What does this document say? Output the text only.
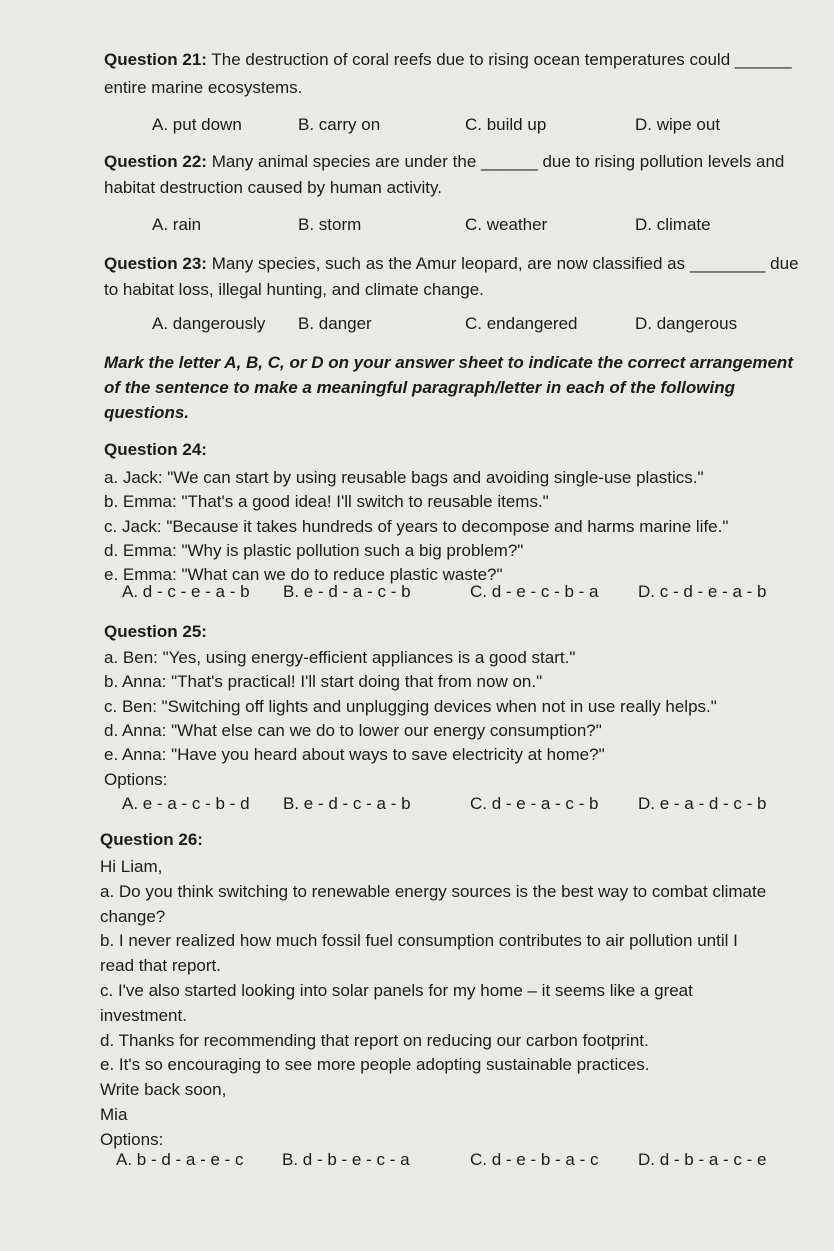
Question 21: The destruction of coral reefs due to rising ocean temperatures could ______
entire marine ecosystems.
A. put down	B. carry on	C. build up	D. wipe out
Question 22: Many animal species are under the ______ due to rising pollution levels and
habitat destruction caused by human activity.
A. rain	B. storm	C. weather	D. climate
Question 23: Many species, such as the Amur leopard, are now classified as ________ due
to habitat loss, illegal hunting, and climate change.
A. dangerously B. danger	C. endangered	D. dangerous
Mark the letter A, B, C, or D on your answer sheet to indicate the correct arrangement
of the sentence to make a meaningful paragraph/letter in each of the following
questions.
Question 24:
a. Jack: "We can start by using reusable bags and avoiding single-use plastics."
b. Emma: "That's a good idea! I'll switch to reusable items."
c. Jack: "Because it takes hundreds of years to decompose and harms marine life."
d. Emma: "Why is plastic pollution such a big problem?"
e. Emma: "What can we do to reduce plastic waste?"
A. d - c - e - a - b B. e - d - a - c - b	C. d - e - c - b - a D. c - d - e - a - b
Question 25:
a. Ben: "Yes, using energy-efficient appliances is a good start."
b. Anna: "That's practical! I'll start doing that from now on."
c. Ben: "Switching off lights and unplugging devices when not in use really helps."
d. Anna: "What else can we do to lower our energy consumption?"
e. Anna: "Have you heard about ways to save electricity at home?"
Options:
A. e - a - c - b - d B. e - d - c - a - b	C. d - e - a - c - b D. e - a - d - c - b
Question 26:
Hi Liam,
a. Do you think switching to renewable energy sources is the best way to combat climate
change?
b. I never realized how much fossil fuel consumption contributes to air pollution until I
read that report.
c. I've also started looking into solar panels for my home – it seems like a great
investment.
d. Thanks for recommending that report on reducing our carbon footprint.
e. It's so encouraging to see more people adopting sustainable practices.
Write back soon,
Mia
Options:
A. b - d - a - e - c B. d - b - e - c - a	C. d - e - b - a - c D. d - b - a - c - e
